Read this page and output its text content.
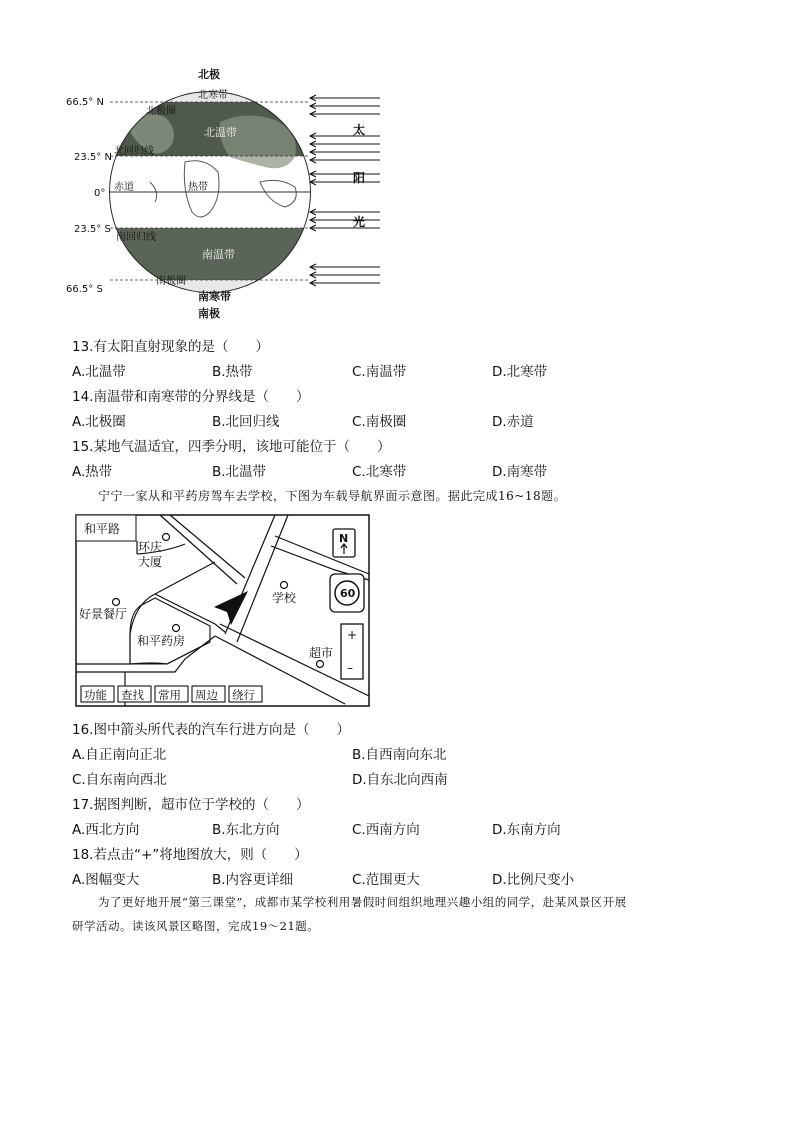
北极
南极
66.5° N
23.5° N
0°
23.5° S
66.5° S
北极圈
北回归线
赤道
南回归线
南极圈
北寒带
北温带
热带
南温带
南寒带
太
阳
光
13.有太阳直射现象的是（　　）
A.北温带	B.热带	C.南温带	D.北寒带
14.南温带和南寒带的分界线是（　　）
A.北极圈	B.北回归线	C.南极圈	D.赤道
15.某地气温适宜，四季分明，该地可能位于（　　）
A.热带	B.北温带	C.北寒带	D.南寒带
宁宁一家从和平药房驾车去学校，下图为车载导航界面示意图。据此完成16~18题。
和平路
环庆
大厦
好景餐厅
和平药房
学校
超市
N
60
+
–
功能 查找 常用 周边 绕行
16.图中箭头所代表的汽车行进方向是（　　）
A.自正南向正北	B.自西南向东北
C.自东南向西北	D.自东北向西南
17.据图判断，超市位于学校的（　　）
A.西北方向	B.东北方向	C.西南方向	D.东南方向
18.若点击“+”将地图放大，则（　　）
A.图幅变大	B.内容更详细	C.范围更大	D.比例尺变小
为了更好地开展“第三课堂”，成都市某学校利用暑假时间组织地理兴趣小组的同学，赴某风景区开展
研学活动。读该风景区略图，完成19～21题。
